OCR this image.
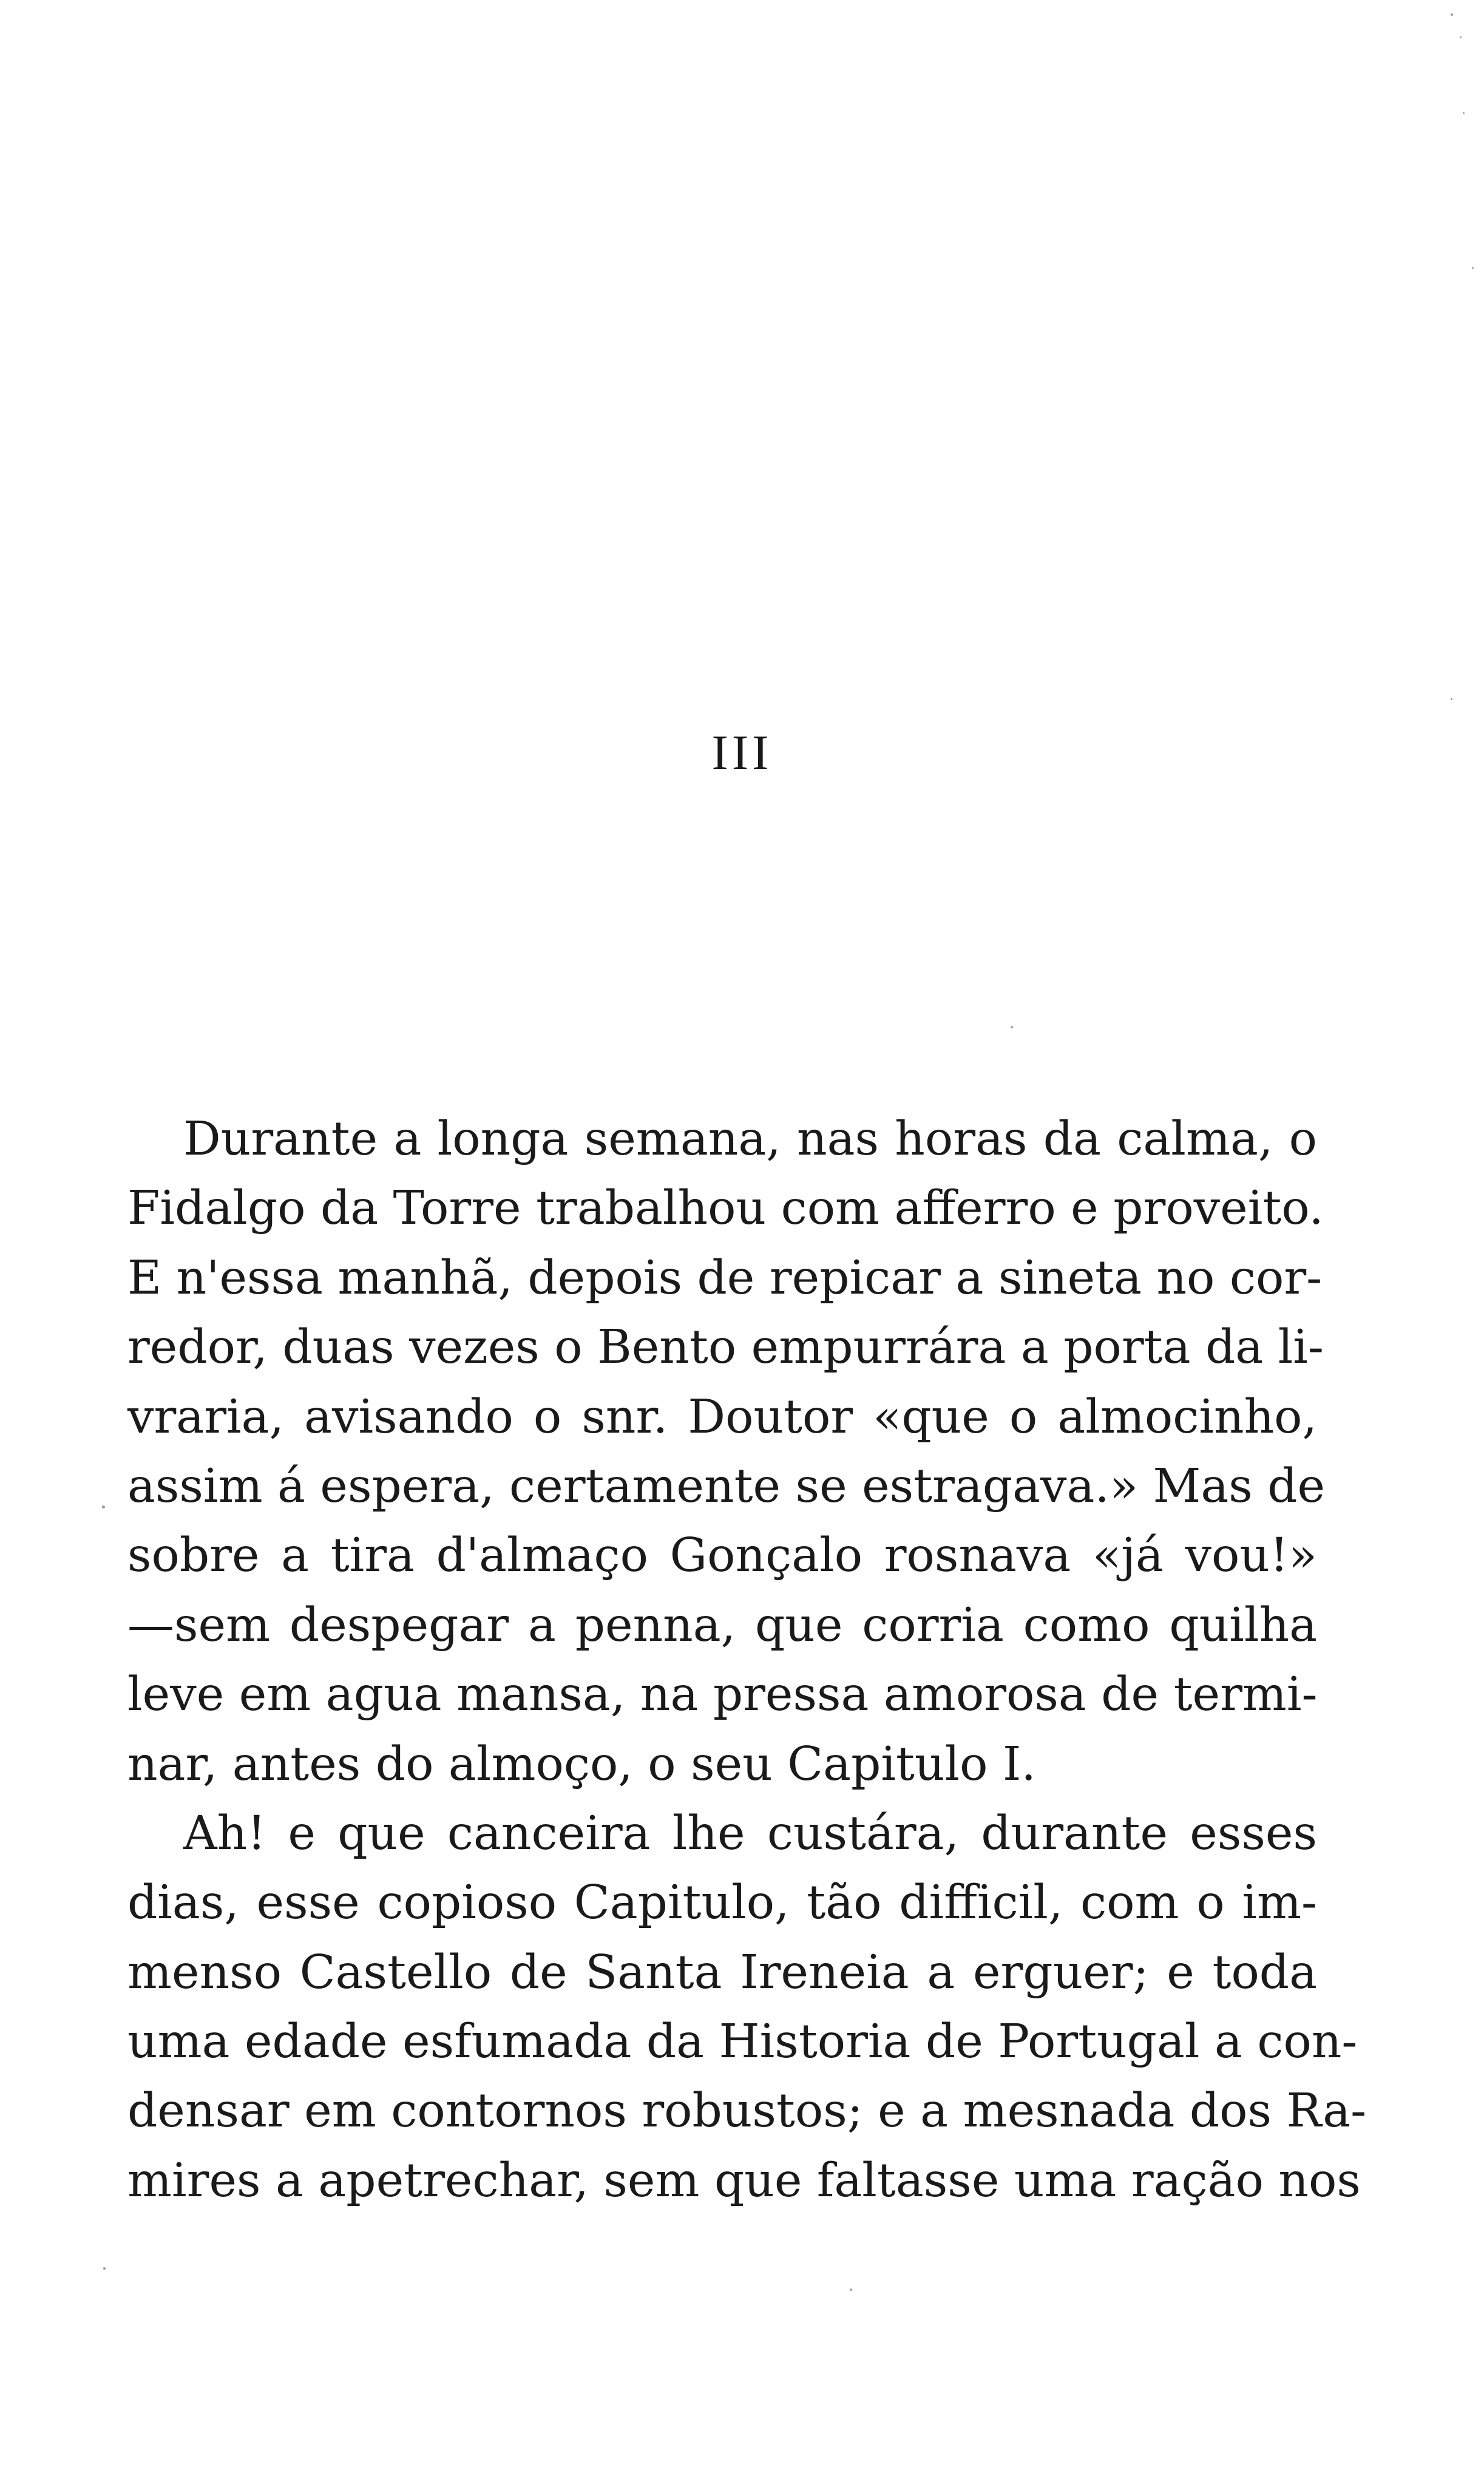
III
Durante a longa semana, nas horas da calma, o
Fidalgo da Torre trabalhou com afferro e proveito.
E n'essa manhã, depois de repicar a sineta no cor-
redor, duas vezes o Bento empurrára a porta da li-
vraria, avisando o snr. Doutor «que o almocinho,
assim á espera, certamente se estragava.» Mas de
sobre a tira d'almaço Gonçalo rosnava «já vou!»
—sem despegar a penna, que corria como quilha
leve em agua mansa, na pressa amorosa de termi-
nar, antes do almoço, o seu Capitulo I.
Ah! e que canceira lhe custára, durante esses
dias, esse copioso Capitulo, tão difficil, com o im-
menso Castello de Santa Ireneia a erguer; e toda
uma edade esfumada da Historia de Portugal a con-
densar em contornos robustos; e a mesnada dos Ra-
mires a apetrechar, sem que faltasse uma ração nos
